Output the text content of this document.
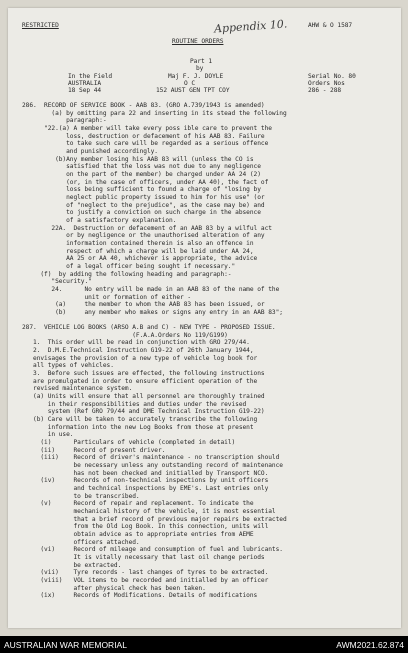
RESTRICTED	Appendix 10.	AHW & O 1587
ROUTINE ORDERS
Part 1
by
In the Field
AUSTRALIA
18 Sep 44
Maj F. J. DOYLE
O C
152 AUST GEN TPT COY
Serial No. 80
Orders Nos
286 - 288
286.  RECORD OF SERVICE BOOK - AAB 83. (GRO A.739/1943 is amended)
(a) by omitting para 22 and inserting in its stead the following
paragraph:-
"22.(a) A member will take every poss ible care to prevent the
loss, destruction or defacement of his AAB 83. Failure
to take such care will be regarded as a serious offence
and punished accordingly.
(b)Any member losing his AAB 83 will (unless the CO is
satisfied that the loss was not due to any negligence
on the part of the member) be charged under AA 24 (2)
(or, in the case of officers, under AA 40), the fact of
loss being sufficient to found a charge of "losing by
neglect public property issued to him for his use" (or
of "neglect to the prejudice", as the case may be) and
to justify a conviction on such charge in the absence
of a satisfactory explanation.
22A.  Destruction or defacement of an AAB 83 by a wilful act
or by negligence or the unauthorised alteration of any
information contained therein is also an offence in
respect of which a charge will be laid under AA 24,
AA 25 or AA 40, whichever is appropriate, the advice
of a legal officer being sought if necessary."
(f)  by adding the following heading and paragraph:-
"Security."
24.      No entry will be made in an AAB 83 of the name of the
unit or formation of either -
(a)     the member to whom the AAB 83 has been issued, or
(b)     any member who makes or signs any entry in an AAB 83";
287.  VEHICLE LOG BOOKS (ARSO A.B and C) - NEW TYPE - PROPOSED ISSUE.
(F.A.A.Orders No 119/G199)
1.  This order will be read in conjunction with GRO 279/44.
2.  D.M.E.Technical Instruction G19-22 of 26th January 1944,
envisages the provision of a new type of vehicle log book for
all types of vehicles.
3.  Before such issues are effected, the following instructions
are promulgated in order to ensure efficient operation of the
revised maintenance system.
(a) Units will ensure that all personnel are thoroughly trained
in their responsibilities and duties under the revised
system (Ref GRO 79/44 and DME Technical Instruction G19-22)
(b) Care will be taken to accurately transcribe the following
information into the new Log Books from those at present
in use.
(i)      Particulars of vehicle (completed in detail)
(ii)     Record of present driver.
(iii)    Record of driver's maintenance - no transcription should
be necessary unless any outstanding record of maintenance
has not been checked and initialled by Transport NCO.
(iv)     Records of non-technical inspections by unit officers
and technical inspections by EME's. Last entries only
to be transcribed.
(v)      Record of repair and replacement. To indicate the
mechanical history of the vehicle, it is most essential
that a brief record of previous major repairs be extracted
from the Old Log Book. In this connection, units will
obtain advice as to appropriate entries from AEME
officers attached.
(vi)     Record of mileage and consumption of fuel and lubricants.
It is vitally necessary that last oil change periods
be extracted.
(vii)    Tyre records - last changes of tyres to be extracted.
(viii)   VOL items to be recorded and initialled by an officer
after physical check has been taken.
(ix)     Records of Modifications. Details of modifications
AUSTRALIAN WAR MEMORIAL	AWM2021.62.874
